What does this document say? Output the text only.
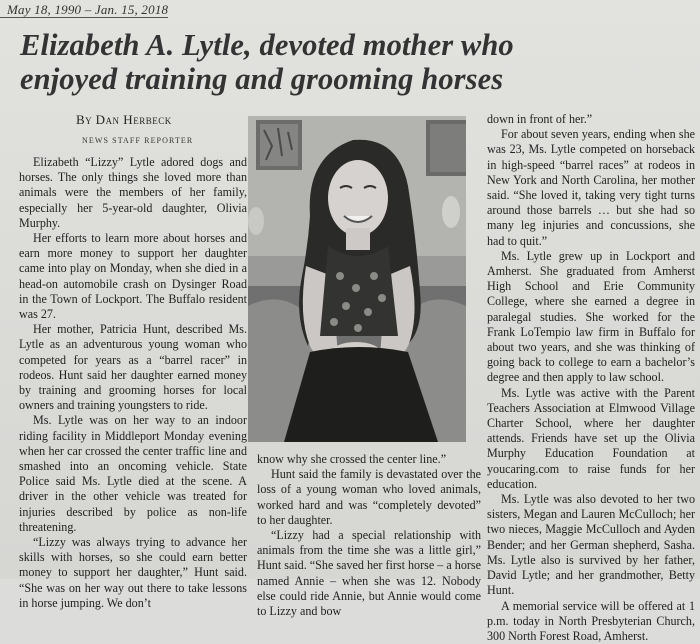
May 18, 1990 – Jan. 15, 2018
Elizabeth A. Lytle, devoted mother who
enjoyed training and grooming horses
By Dan Herbeck
NEWS STAFF REPORTER

Elizabeth “Lizzy” Lytle adored dogs and horses. The only things she loved more than animals were the members of her family, especially her 5-year-old daughter, Olivia Murphy.

Her efforts to learn more about horses and earn more money to support her daughter came into play on Monday, when she died in a head-on automobile crash on Dysinger Road in the Town of Lockport. The Buffalo resident was 27.

Her mother, Patricia Hunt, described Ms. Lytle as an adventurous young woman who competed for years as a “barrel racer” in rodeos. Hunt said her daughter earned money by training and grooming horses for local owners and training youngsters to ride.

Ms. Lytle was on her way to an indoor riding facility in Middleport Monday evening when her car crossed the center traffic line and smashed into an oncoming vehicle. State Police said Ms. Lytle died at the scene. A driver in the other vehicle was treated for injuries described by police as non-life threatening.

“Lizzy was always trying to advance her skills with horses, so she could earn better money to support her daughter,” Hunt said. “She was on her way out there to take lessons in horse jumping. We don’t

know why she crossed the center line.”

Hunt said the family is devastated over the loss of a young woman who loved animals, worked hard and was “completely devoted” to her daughter.

“Lizzy had a special relationship with animals from the time she was a little girl,” Hunt said. “She saved her first horse – a horse named Annie – when she was 12. Nobody else could ride Annie, but Annie would come to Lizzy and bow

down in front of her.”

For about seven years, ending when she was 23, Ms. Lytle competed on horseback in high-speed “barrel races” at rodeos in New York and North Carolina, her mother said. “She loved it, taking very tight turns around those barrels … but she had so many leg injuries and concussions, she had to quit.”

Ms. Lytle grew up in Lockport and Amherst. She graduated from Amherst High School and Erie Community College, where she earned a degree in paralegal studies. She worked for the Frank LoTempio law firm in Buffalo for about two years, and she was thinking of going back to college to earn a bachelor’s degree and then apply to law school.

Ms. Lytle was active with the Parent Teachers Association at Elmwood Village Charter School, where her daughter attends. Friends have set up the Olivia Murphy Education Foundation at youcaring.com to raise funds for her education.

Ms. Lytle was also devoted to her two sisters, Megan and Lauren McCulloch; her two nieces, Maggie McCulloch and Ayden Bender; and her German shepherd, Sasha. Ms. Lytle also is survived by her father, David Lytle; and her grandmother, Betty Hunt.

A memorial service will be offered at 1 p.m. today in North Presbyterian Church, 300 North Forest Road, Amherst.
